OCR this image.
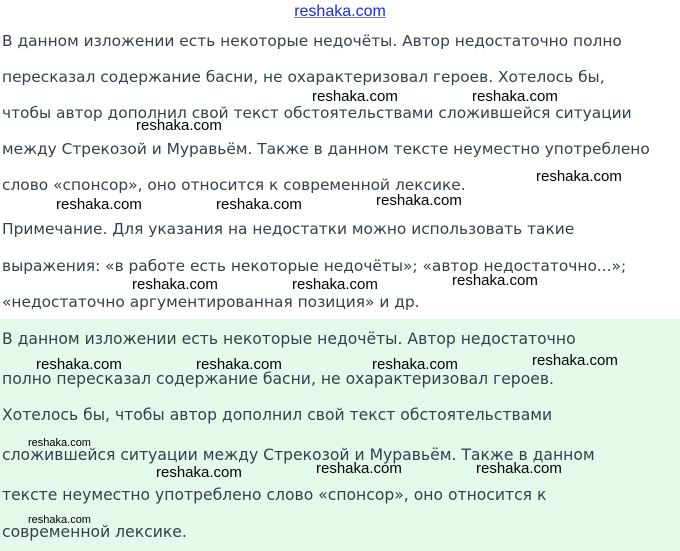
reshaka.com
В данном изложении есть некоторые недочёты. Автор недостаточно полно
пересказал содержание басни, не охарактеризовал героев. Хотелось бы,
чтобы автор дополнил свой текст обстоятельствами сложившейся ситуации
между Стрекозой и Муравьём. Также в данном тексте неуместно употреблено
слово «спонсор», оно относится к современной лексике.
Примечание. Для указания на недостатки можно использовать такие
выражения: «в работе есть некоторые недочёты»; «автор недостаточно...»;
«недостаточно аргументированная позиция» и др.
В данном изложении есть некоторые недочёты. Автор недостаточно
полно пересказал содержание басни, не охарактеризовал героев.
Хотелось бы, чтобы автор дополнил свой текст обстоятельствами
сложившейся ситуации между Стрекозой и Муравьём. Также в данном
тексте неуместно употреблено слово «спонсор», оно относится к
современной лексике.
reshaka.com	reshaka.com
reshaka.com
reshaka.com
reshaka.com
reshaka.com	reshaka.com
reshaka.com
reshaka.com	reshaka.com
reshaka.com
reshaka.com	reshaka.com	reshaka.com
reshaka.com
reshaka.com	reshaka.com
reshaka.com
reshaka.com
